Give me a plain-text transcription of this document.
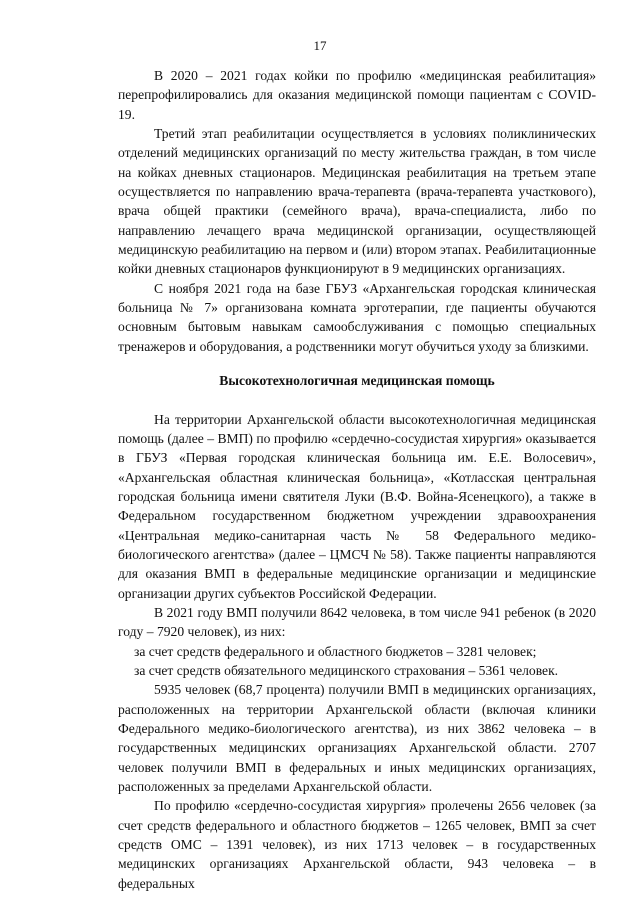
17

В 2020 – 2021 годах койки по профилю «медицинская реабилитация» перепрофилировались для оказания медицинской помощи пациентам с COVID-19.

Третий этап реабилитации осуществляется в условиях поликлинических отделений медицинских организаций по месту жительства граждан, в том числе на койках дневных стационаров. Медицинская реабилитация на третьем этапе осуществляется по направлению врача-терапевта (врача-терапевта участкового), врача общей практики (семейного врача), врача-специалиста, либо по направлению лечащего врача медицинской организации, осуществляющей медицинскую реабилитацию на первом и (или) втором этапах. Реабилитационные койки дневных стационаров функционируют в 9 медицинских организациях.

С ноября 2021 года на базе ГБУЗ «Архангельская городская клиническая больница № 7» организована комната эрготерапии, где пациенты обучаются основным бытовым навыкам самообслуживания с помощью специальных тренажеров и оборудования, а родственники могут обучиться уходу за близкими.

Высокотехнологичная медицинская помощь

На территории Архангельской области высокотехнологичная медицинская помощь (далее – ВМП) по профилю «сердечно-сосудистая хирургия» оказывается в ГБУЗ «Первая городская клиническая больница им. Е.Е. Волосевич», «Архангельская областная клиническая больница», «Котласская центральная городская больница имени святителя Луки (В.Ф. Война-Ясенецкого), а также в Федеральном государственном бюджетном учреждении здравоохранения «Центральная медико-санитарная часть № 58 Федерального медико-биологического агентства» (далее – ЦМСЧ № 58). Также пациенты направляются для оказания ВМП в федеральные медицинские организации и медицинские организации других субъектов Российской Федерации.

В 2021 году ВМП получили 8642 человека, в том числе 941 ребенок (в 2020 году – 7920 человек), из них:

за счет средств федерального и областного бюджетов – 3281 человек;

за счет средств обязательного медицинского страхования – 5361 человек.

5935 человек (68,7 процента) получили ВМП в медицинских организациях, расположенных на территории Архангельской области (включая клиники Федерального медико-биологического агентства), из них 3862 человека – в государственных медицинских организациях Архангельской области. 2707 человек получили ВМП в федеральных и иных медицинских организациях, расположенных за пределами Архангельской области.

По профилю «сердечно-сосудистая хирургия» пролечены 2656 человек (за счет средств федерального и областного бюджетов – 1265 человек, ВМП за счет средств ОМС – 1391 человек), из них 1713 человек – в государственных медицинских организациях Архангельской области, 943 человека – в федеральных
